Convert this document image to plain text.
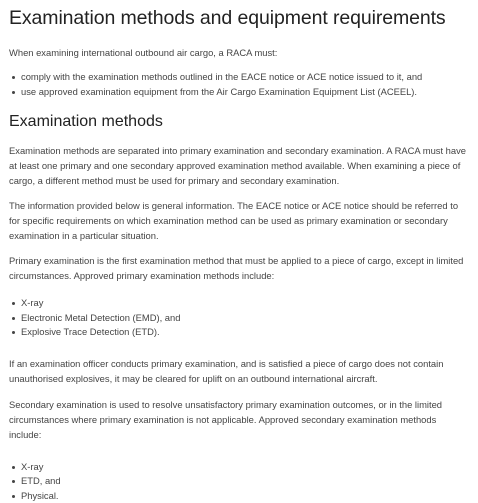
Examination methods and equipment requirements

When examining international outbound air cargo, a RACA must:

comply with the examination methods outlined in the EACE notice or ACE notice issued to it, and
use approved examination equipment from the Air Cargo Examination Equipment List (ACEEL).
Examination methods

Examination methods are separated into primary examination and secondary examination. A RACA must have at least one primary and one secondary approved examination method available. When examining a piece of cargo, a different method must be used for primary and secondary examination.

The information provided below is general information. The EACE notice or ACE notice should be referred to for specific requirements on which examination method can be used as primary examination or secondary examination in a particular situation.

Primary examination is the first examination method that must be applied to a piece of cargo, except in limited circumstances. Approved primary examination methods include:

X-ray
Electronic Metal Detection (EMD), and
Explosive Trace Detection (ETD).

If an examination officer conducts primary examination, and is satisfied a piece of cargo does not contain unauthorised explosives, it may be cleared for uplift on an outbound international aircraft.

Secondary examination is used to resolve unsatisfactory primary examination outcomes, or in the limited circumstances where primary examination is not applicable. Approved secondary examination methods include:

X-ray
ETD, and
Physical.
